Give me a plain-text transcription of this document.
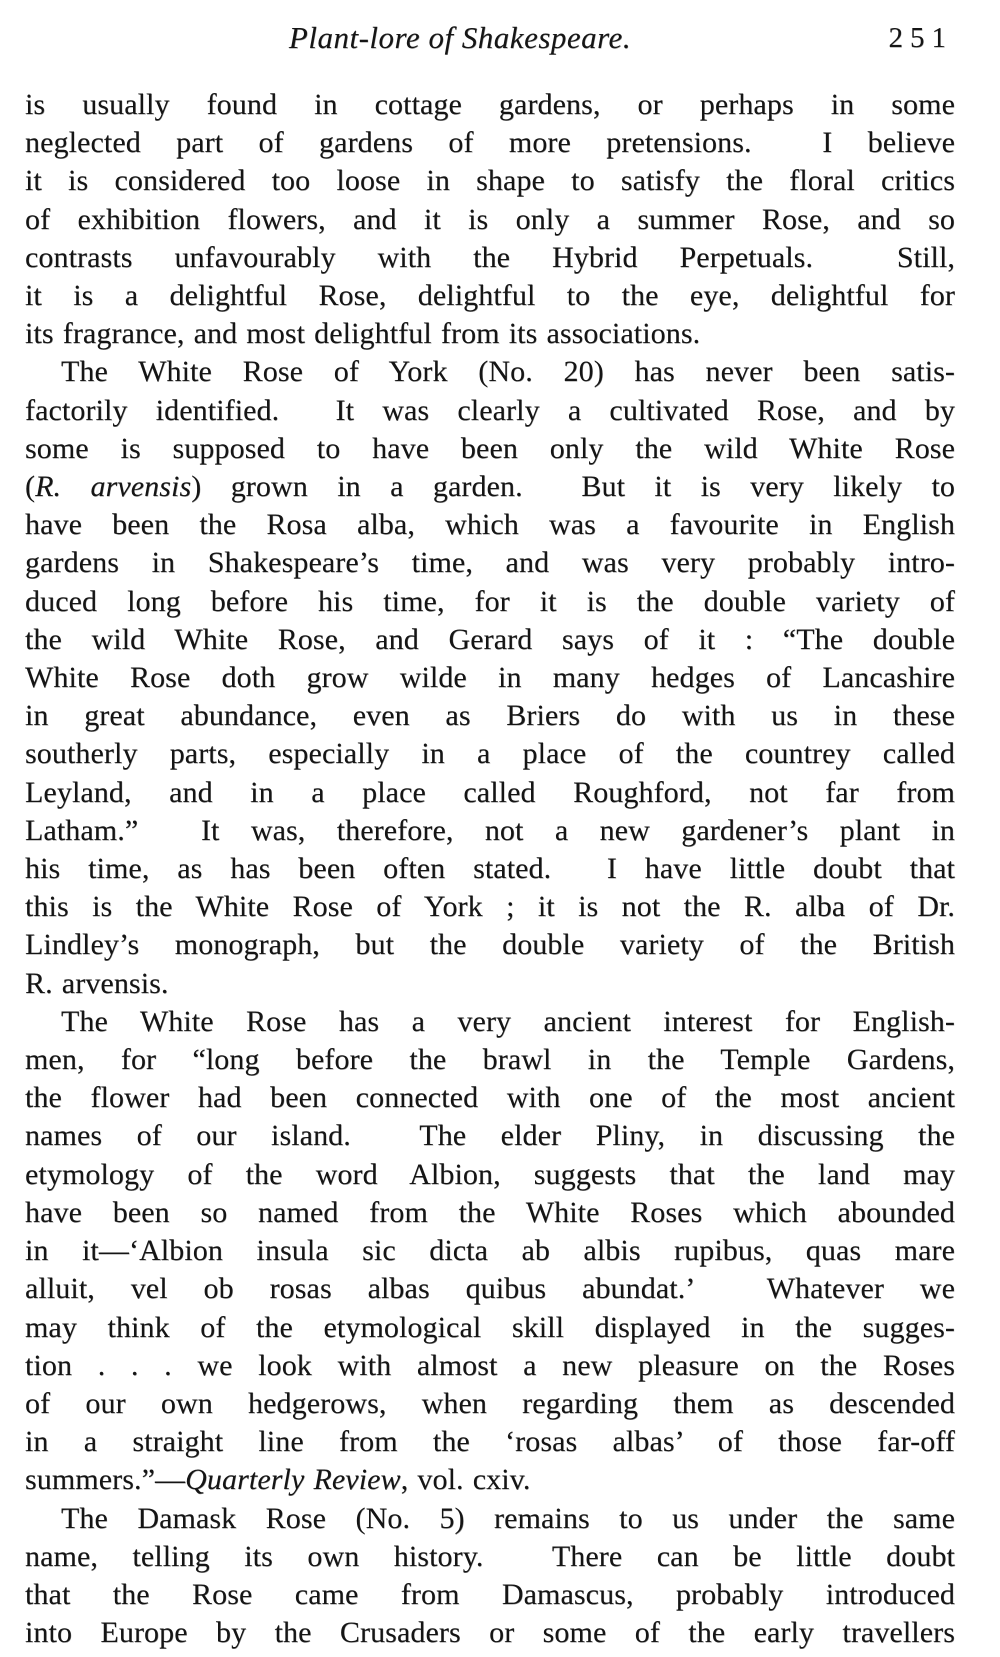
Plant-lore of Shakespeare.	251
is usually found in cottage gardens, or perhaps in some
neglected part of gardens of more pretensions.  I believe
it is considered too loose in shape to satisfy the floral critics
of exhibition flowers, and it is only a summer Rose, and so
contrasts unfavourably with the Hybrid Perpetuals.  Still,
it is a delightful Rose, delightful to the eye, delightful for
its fragrance, and most delightful from its associations.
The White Rose of York (No. 20) has never been satis-
factorily identified.  It was clearly a cultivated Rose, and by
some is supposed to have been only the wild White Rose
(R. arvensis) grown in a garden.  But it is very likely to
have been the Rosa alba, which was a favourite in English
gardens in Shakespeare’s time, and was very probably intro-
duced long before his time, for it is the double variety of
the wild White Rose, and Gerard says of it : “The double
White Rose doth grow wilde in many hedges of Lancashire
in great abundance, even as Briers do with us in these
southerly parts, especially in a place of the countrey called
Leyland, and in a place called Roughford, not far from
Latham.”  It was, therefore, not a new gardener’s plant in
his time, as has been often stated.  I have little doubt that
this is the White Rose of York ; it is not the R. alba of Dr.
Lindley’s monograph, but the double variety of the British
R. arvensis.
The White Rose has a very ancient interest for English-
men, for “long before the brawl in the Temple Gardens,
the flower had been connected with one of the most ancient
names of our island.  The elder Pliny, in discussing the
etymology of the word Albion, suggests that the land may
have been so named from the White Roses which abounded
in it—‘Albion insula sic dicta ab albis rupibus, quas mare
alluit, vel ob rosas albas quibus abundat.’  Whatever we
may think of the etymological skill displayed in the sugges-
tion . . . we look with almost a new pleasure on the Roses
of our own hedgerows, when regarding them as descended
in a straight line from the ‘rosas albas’ of those far-off
summers.”—Quarterly Review, vol. cxiv.
The Damask Rose (No. 5) remains to us under the same
name, telling its own history.  There can be little doubt
that the Rose came from Damascus, probably introduced
into Europe by the Crusaders or some of the early travellers
